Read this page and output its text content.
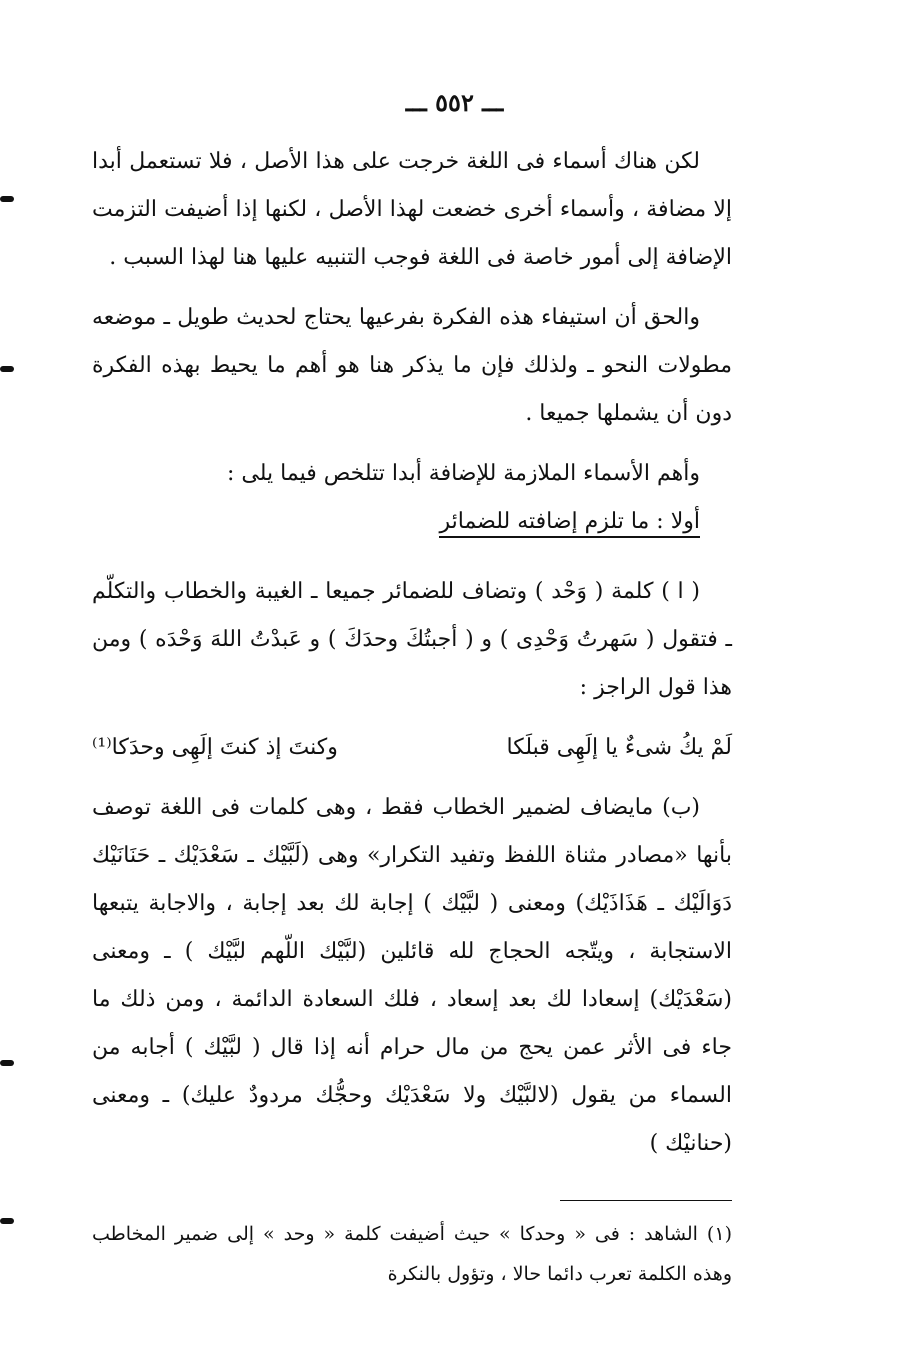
ـــ ٥٥٢ ـــ

لكن هناك أسماء فى اللغة خرجت على هذا الأصل ، فلا تستعمل أبدا إلا مضافة ، وأسماء أخرى خضعت لهذا الأصل ، لكنها إذا أضيفت التزمت الإضافة إلى أمور خاصة فى اللغة فوجب التنبيه عليها هنا لهذا السبب .

والحق أن استيفاء هذه الفكرة بفرعيها يحتاج لحديث طويل ـ موضعه مطولات النحو ـ ولذلك فإن ما يذكر هنا هو أهم ما يحيط بهذه الفكرة دون أن يشملها جميعا .

وأهم الأسماء الملازمة للإضافة أبدا تتلخص فيما يلى :

أولا : ما تلزم إضافته للضمائر

( ا ) كلمة ( وَحْد ) وتضاف للضمائر جميعا ـ الغيبة والخطاب والتكلّم ـ فتقول ( سَهرتُ وَحْدِى ) و ( أجبتُكَ وحدَكَ ) و عَبدْتُ اللهَ وَحْدَه ) ومن هذا قول الراجز :

لَمْ يكُ شىءٌ يا إلَهِى قبلَكا
وكنتَ إذ كنتَ إلَهِى وحدَكا⁽¹⁾

(ب) مايضاف لضمير الخطاب فقط ، وهى كلمات فى اللغة توصف بأنها «مصادر مثناة اللفظ وتفيد التكرار» وهى (لَبَّيْك ـ سَعْدَيْك ـ حَنَانَيْك دَوَالَيْك ـ هَذَاذَيْك) ومعنى ( لبَّيْك ) إجابة لك بعد إجابة ، والاجابة يتبعها الاستجابة ، ويتّجه الحجاج لله قائلين (لبَّيْك اللّهم لبَّيْك ) ـ ومعنى (سَعْدَيْك) إسعادا لك بعد إسعاد ، فلك السعادة الدائمة ، ومن ذلك ما جاء فى الأثر عمن يحج من مال حرام أنه إذا قال ( لبَّيْك ) أجابه من السماء من يقول (لالبَّيْك ولا سَعْدَيْك وحجُّك مردودٌ عليك) ـ ومعنى (حنانيْك )

(١) الشاهد : فى « وحدكا » حيث أضيفت كلمة « وحد » إلى ضمير المخاطب وهذه الكلمة تعرب دائما حالا ، وتؤول بالنكرة
